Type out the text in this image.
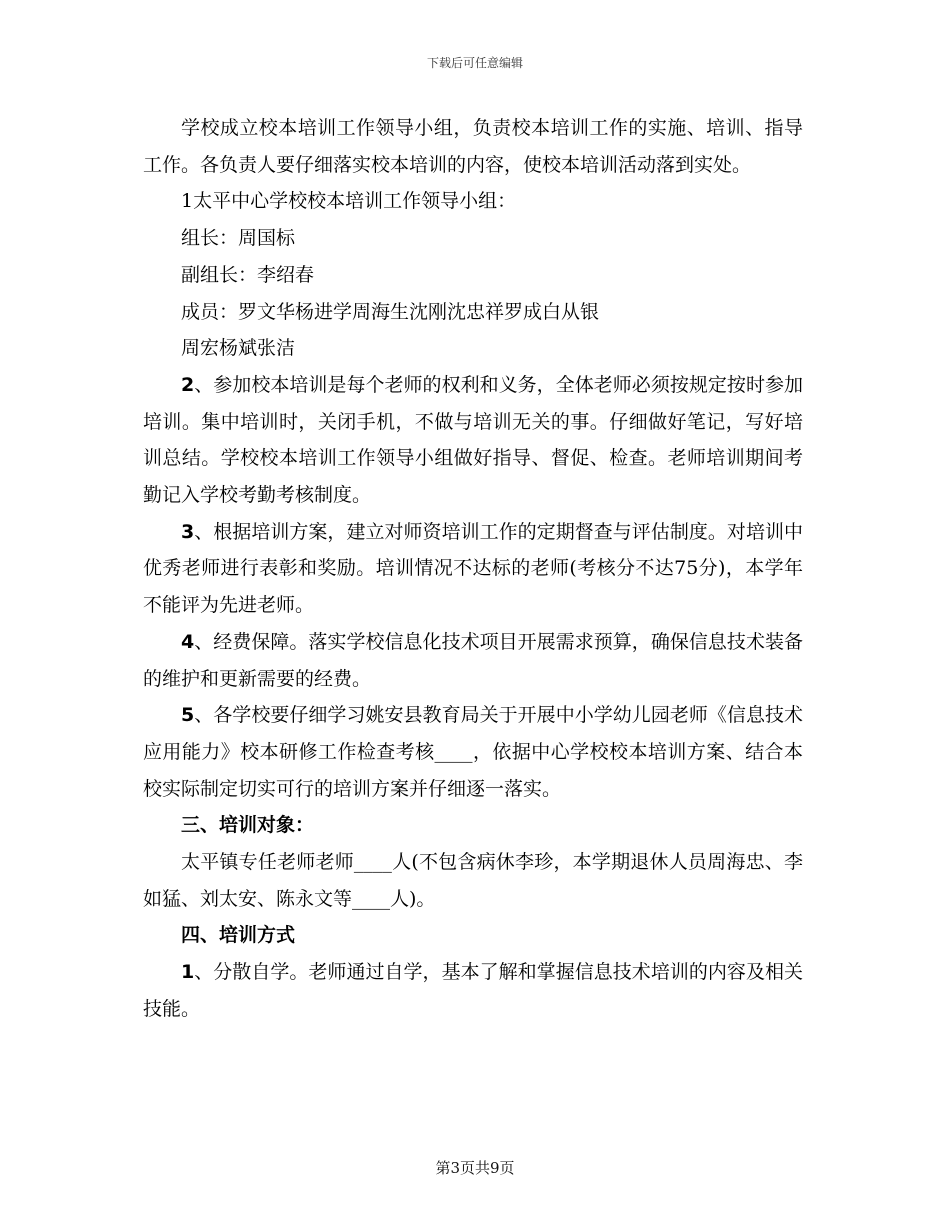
下载后可任意编辑

学校成立校本培训工作领导小组，负责校本培训工作的实施、培训、指导工作。各负责人要仔细落实校本培训的内容，使校本培训活动落到实处。

1太平中心学校校本培训工作领导小组：

组长：周国标

副组长：李绍春

成员：罗文华杨进学周海生沈刚沈忠祥罗成白从银

周宏杨斌张洁

2、参加校本培训是每个老师的权利和义务，全体老师必须按规定按时参加培训。集中培训时，关闭手机，不做与培训无关的事。仔细做好笔记，写好培训总结。学校校本培训工作领导小组做好指导、督促、检查。老师培训期间考勤记入学校考勤考核制度。

3、根据培训方案，建立对师资培训工作的定期督查与评估制度。对培训中优秀老师进行表彰和奖励。培训情况不达标的老师(考核分不达75分)，本学年不能评为先进老师。

4、经费保障。落实学校信息化技术项目开展需求预算，确保信息技术装备的维护和更新需要的经费。

5、各学校要仔细学习姚安县教育局关于开展中小学幼儿园老师《信息技术应用能力》校本研修工作检查考核____，依据中心学校校本培训方案、结合本校实际制定切实可行的培训方案并仔细逐一落实。

三、培训对象：

太平镇专任老师老师____人(不包含病休李珍，本学期退休人员周海忠、李如猛、刘太安、陈永文等____人)。

四、培训方式

1、分散自学。老师通过自学，基本了解和掌握信息技术培训的内容及相关技能。

第3页共9页
